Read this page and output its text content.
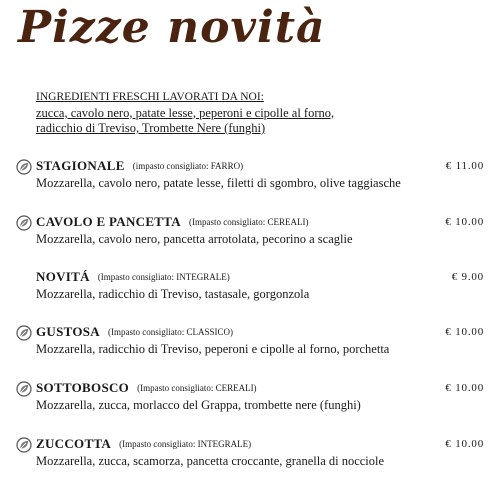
Pizze novità
INGREDIENTI FRESCHI LAVORATI DA NOI:
zucca, cavolo nero, patate lesse, peperoni e cipolle al forno,
radicchio di Treviso, Trombette Nere (funghi)
STAGIONALE (impasto consigliato: FARRO)	€ 11.00
Mozzarella, cavolo nero, patate lesse, filetti di sgombro, olive taggiasche
CAVOLO E PANCETTA (Impasto consigliato: CEREALI)	€ 10.00
Mozzarella, cavolo nero, pancetta arrotolata, pecorino a scaglie
NOVITÁ (Impasto consigliato: INTEGRALE)	€ 9.00
Mozzarella, radicchio di Treviso, tastasale, gorgonzola
GUSTOSA (Impasto consigliato: CLASSICO)	€ 10.00
Mozzarella, radicchio di Treviso, peperoni e cipolle al forno, porchetta
SOTTOBOSCO (Impasto consigliato: CEREALI)	€ 10.00
Mozzarella, zucca, morlacco del Grappa, trombette nere (funghi)
ZUCCOTTA (Impasto consigliato: INTEGRALE)	€ 10.00
Mozzarella, zucca, scamorza, pancetta croccante, granella di nocciole
